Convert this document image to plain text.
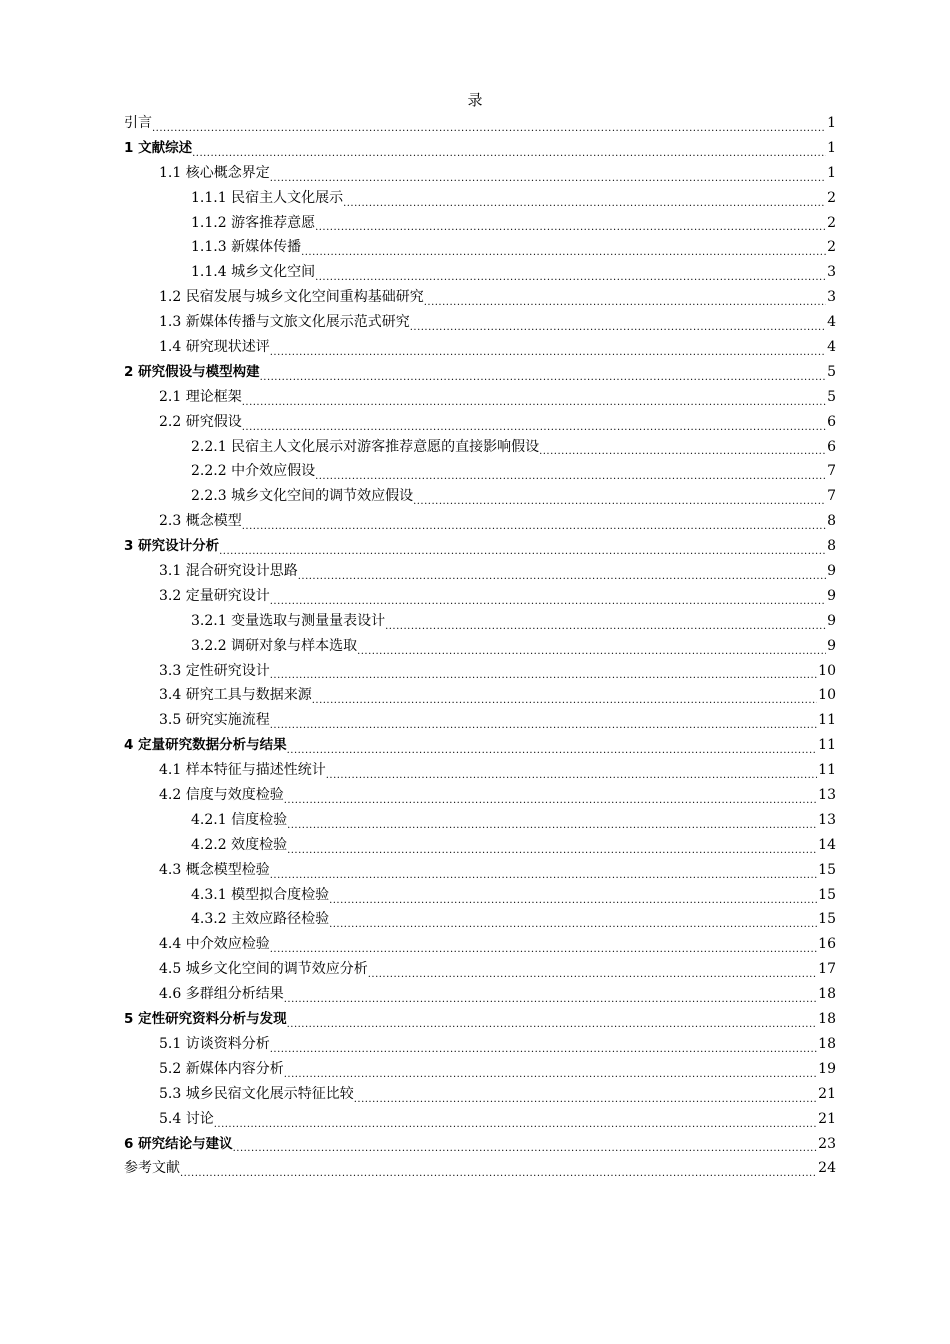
录
引言 .....	1
1 文献综述 .....	1
1.1 核心概念界定 .....	1
1.1.1 民宿主人文化展示 .....	2
1.1.2 游客推荐意愿 .....	2
1.1.3 新媒体传播 .....	2
1.1.4 城乡文化空间 .....	3
1.2 民宿发展与城乡文化空间重构基础研究 .....	3
1.3 新媒体传播与文旅文化展示范式研究 .....	4
1.4 研究现状述评 .....	4
2 研究假设与模型构建 .....	5
2.1 理论框架 .....	5
2.2 研究假设 .....	6
2.2.1 民宿主人文化展示对游客推荐意愿的直接影响假设 .....	6
2.2.2 中介效应假设 .....	7
2.2.3 城乡文化空间的调节效应假设 .....	7
2.3 概念模型 .....	8
3 研究设计分析 .....	8
3.1 混合研究设计思路 .....	9
3.2 定量研究设计 .....	9
3.2.1 变量选取与测量量表设计 .....	9
3.2.2 调研对象与样本选取 .....	9
3.3 定性研究设计 .....	10
3.4 研究工具与数据来源 .....	10
3.5 研究实施流程 .....	11
4 定量研究数据分析与结果 .....	11
4.1 样本特征与描述性统计 .....	11
4.2 信度与效度检验 .....	13
4.2.1 信度检验 .....	13
4.2.2 效度检验 .....	14
4.3 概念模型检验 .....	15
4.3.1 模型拟合度检验 .....	15
4.3.2 主效应路径检验 .....	15
4.4 中介效应检验 .....	16
4.5 城乡文化空间的调节效应分析 .....	17
4.6 多群组分析结果 .....	18
5 定性研究资料分析与发现 .....	18
5.1 访谈资料分析 .....	18
5.2 新媒体内容分析 .....	19
5.3 城乡民宿文化展示特征比较 .....	21
5.4 讨论 .....	21
6 研究结论与建议 .....	23
参考文献 .....	24
